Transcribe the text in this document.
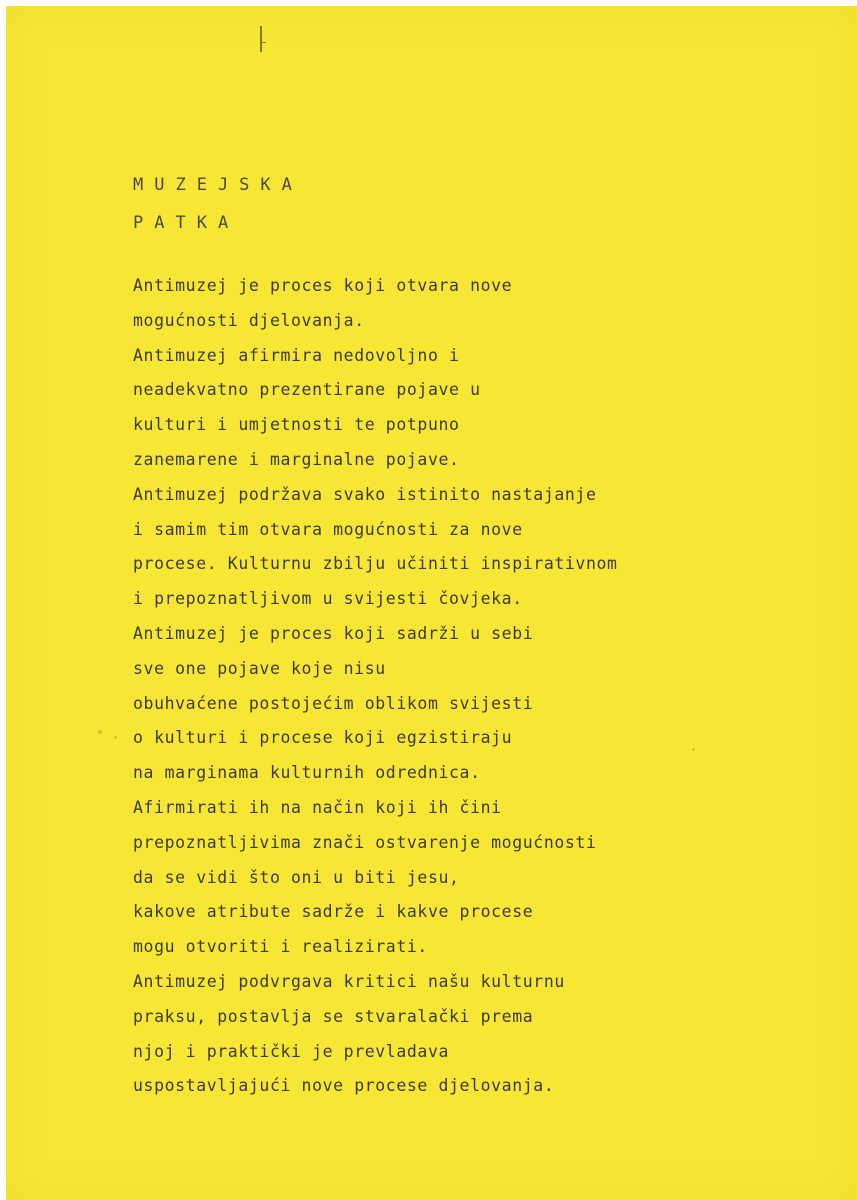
MUZEJSKA
PATKA
Antimuzej je proces koji otvara nove
mogućnosti djelovanja.
Antimuzej afirmira nedovoljno i
neadekvatno prezentirane pojave u
kulturi i umjetnosti te potpuno
zanemarene i marginalne pojave.
Antimuzej podržava svako istinito nastajanje
i samim tim otvara mogućnosti za nove
procese. Kulturnu zbilju učiniti inspirativnom
i prepoznatljivom u svijesti čovjeka.
Antimuzej je proces koji sadrži u sebi
sve one pojave koje nisu
obuhvaćene postojećim oblikom svijesti
o kulturi i procese koji egzistiraju
na marginama kulturnih odrednica.
Afirmirati ih na način koji ih čini
prepoznatljivima znači ostvarenje mogućnosti
da se vidi što oni u biti jesu,
kakove atribute sadrže i kakve procese
mogu otvoriti i realizirati.
Antimuzej podvrgava kritici našu kulturnu
praksu, postavlja se stvaralački prema
njoj i praktički je prevladava
uspostavljajući nove procese djelovanja.
